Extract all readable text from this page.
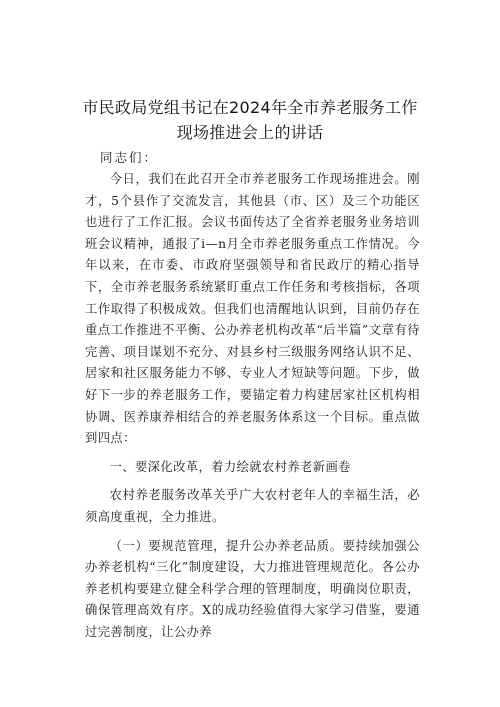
市民政局党组书记在2024年全市养老服务工作
现场推进会上的讲话
同志们：

今日，我们在此召开全市养老服务工作现场推进会。刚才，5个县作了交流发言，其他县（市、区）及三个功能区也进行了工作汇报。会议书面传达了全省养老服务业务培训班会议精神，通报了i—n月全市养老服务重点工作情况。今年以来，在市委、市政府坚强领导和省民政厅的精心指导下，全市养老服务系统紧盯重点工作任务和考核指标，各项工作取得了积极成效。但我们也清醒地认识到，目前仍存在重点工作推进不平衡、公办养老机构改革“后半篇”文章有待完善、项目谋划不充分、对县乡村三级服务网络认识不足、居家和社区服务能力不够、专业人才短缺等问题。下步，做好下一步的养老服务工作，要锚定着力构建居家社区机构相协调、医养康养相结合的养老服务体系这一个目标。重点做到四点：

一、要深化改革，着力绘就农村养老新画卷

农村养老服务改革关乎广大农村老年人的幸福生活，必须高度重视，全力推进。

（一）要规范管理，提升公办养老品质。要持续加强公办养老机构“三化”制度建设，大力推进管理规范化。各公办养老机构要建立健全科学合理的管理制度，明确岗位职责，确保管理高效有序。X的成功经验值得大家学习借鉴，要通过完善制度，让公办养
